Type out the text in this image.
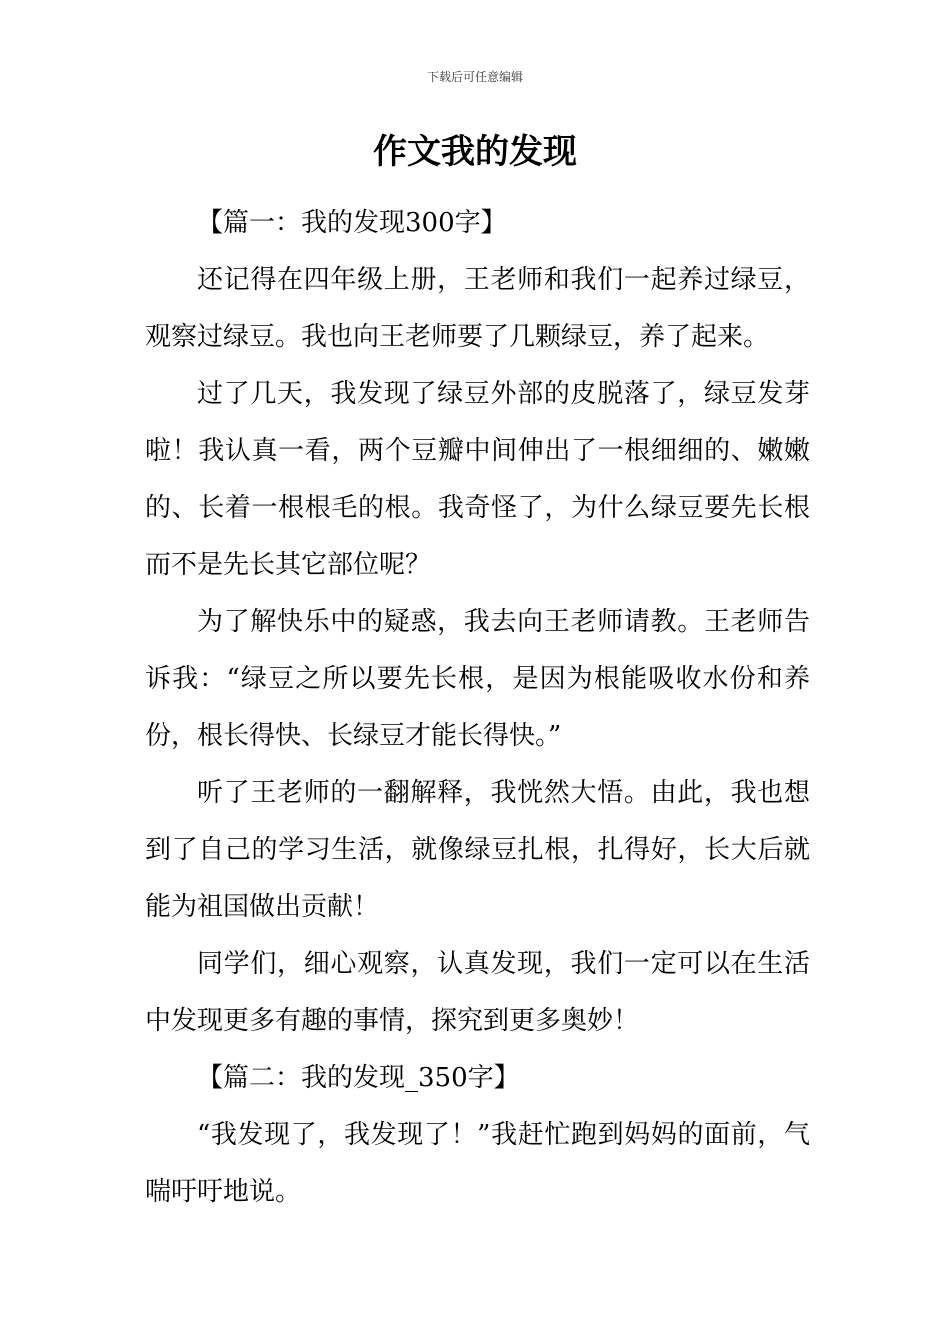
下载后可任意编辑
作文我的发现

【篇一：我的发现300字】

还记得在四年级上册，王老师和我们一起养过绿豆，观察过绿豆。我也向王老师要了几颗绿豆，养了起来。

过了几天，我发现了绿豆外部的皮脱落了，绿豆发芽啦！我认真一看，两个豆瓣中间伸出了一根细细的、嫩嫩的、长着一根根毛的根。我奇怪了，为什么绿豆要先长根而不是先长其它部位呢？

为了解快乐中的疑惑，我去向王老师请教。王老师告诉我：“绿豆之所以要先长根，是因为根能吸收水份和养份，根长得快、长绿豆才能长得快。”

听了王老师的一翻解释，我恍然大悟。由此，我也想到了自己的学习生活，就像绿豆扎根，扎得好，长大后就能为祖国做出贡献！

同学们，细心观察，认真发现，我们一定可以在生活中发现更多有趣的事情，探究到更多奥妙！

【篇二：我的发现_350字】

“我发现了，我发现了！”我赶忙跑到妈妈的面前，气喘吁吁地说。
